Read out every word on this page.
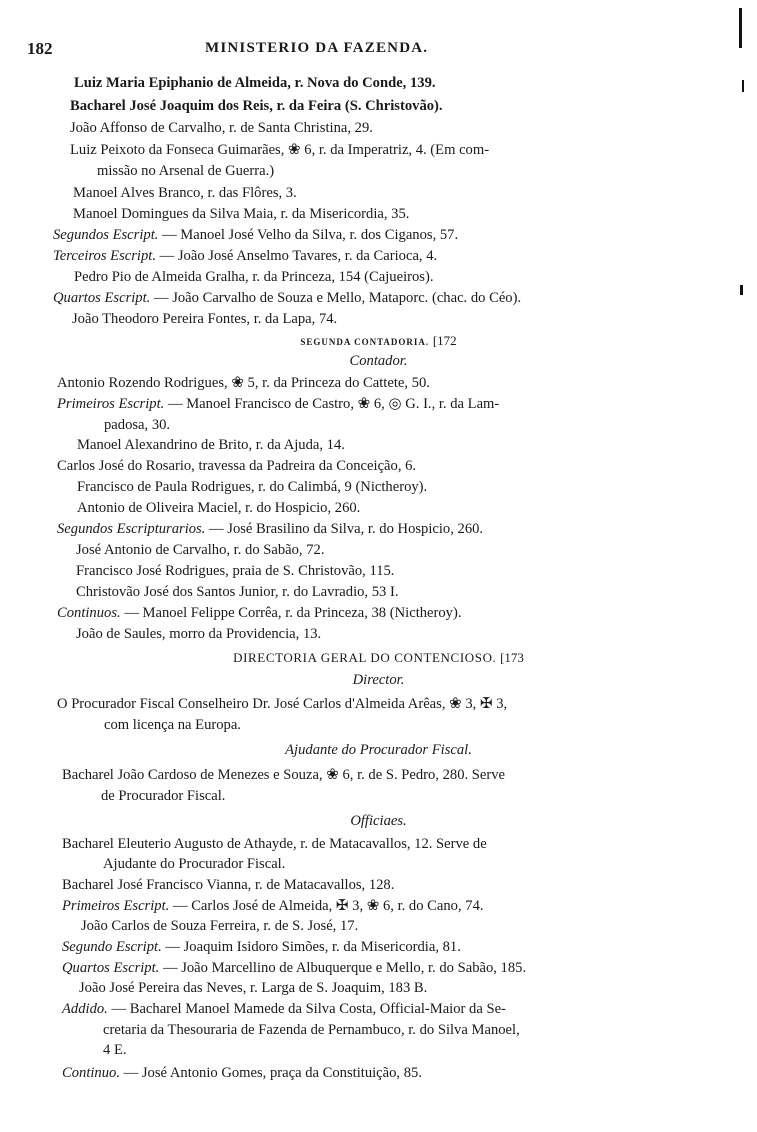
182	MINISTERIO DA FAZENDA.
Luiz Maria Epiphanio de Almeida, r. Nova do Conde, 139.
Bacharel José Joaquim dos Reis, r. da Feira (S. Christovão).
João Affonso de Carvalho, r. de Santa Christina, 29.
Luiz Peixoto da Fonseca Guimarães, ❀ 6, r. da Imperatriz, 4. (Em com-
missão no Arsenal de Guerra.)
Manoel Alves Branco, r. das Flôres, 3.
Manoel Domingues da Silva Maia, r. da Misericordia, 35.
Segundos Escript. — Manoel José Velho da Silva, r. dos Ciganos, 57.
Terceiros Escript. — João José Anselmo Tavares, r. da Carioca, 4.
Pedro Pio de Almeida Gralha, r. da Princeza, 154 (Cajueiros).
Quartos Escript. — João Carvalho de Souza e Mello, Mataporc. (chac. do Céo).
João Theodoro Pereira Fontes, r. da Lapa, 74.
SEGUNDA CONTADORIA. [172
Contador.
Antonio Rozendo Rodrigues, ❀ 5, r. da Princeza do Cattete, 50.
Primeiros Escript. — Manoel Francisco de Castro, ❀ 6, ◎ G. I., r. da Lam-
padosa, 30.
Manoel Alexandrino de Brito, r. da Ajuda, 14.
Carlos José do Rosario, travessa da Padreira da Conceição, 6.
Francisco de Paula Rodrigues, r. do Calimbá, 9 (Nictheroy).
Antonio de Oliveira Maciel, r. do Hospicio, 260.
Segundos Escripturarios. — José Brasilino da Silva, r. do Hospicio, 260.
José Antonio de Carvalho, r. do Sabão, 72.
Francisco José Rodrigues, praia de S. Christovão, 115.
Christovão José dos Santos Junior, r. do Lavradio, 53 I.
Continuos. — Manoel Felippe Corrêa, r. da Princeza, 38 (Nictheroy).
João de Saules, morro da Providencia, 13.
DIRECTORIA GERAL DO CONTENCIOSO. [173
Director.
O Procurador Fiscal Conselheiro Dr. José Carlos d'Almeida Arêas, ❀ 3, ✠ 3,
com licença na Europa.
Ajudante do Procurador Fiscal.
Bacharel João Cardoso de Menezes e Souza, ❀ 6, r. de S. Pedro, 280. Serve
de Procurador Fiscal.
Officiaes.
Bacharel Eleuterio Augusto de Athayde, r. de Matacavallos, 12. Serve de
Ajudante do Procurador Fiscal.
Bacharel José Francisco Vianna, r. de Matacavallos, 128.
Primeiros Escript. — Carlos José de Almeida, ✠ 3, ❀ 6, r. do Cano, 74.
João Carlos de Souza Ferreira, r. de S. José, 17.
Segundo Escript. — Joaquim Isidoro Simões, r. da Misericordia, 81.
Quartos Escript. — João Marcellino de Albuquerque e Mello, r. do Sabão, 185.
João José Pereira das Neves, r. Larga de S. Joaquim, 183 B.
Addido. — Bacharel Manoel Mamede da Silva Costa, Official-Maior da Se-
cretaria da Thesouraria de Fazenda de Pernambuco, r. do Silva Manoel,
4 E.
Continuo. — José Antonio Gomes, praça da Constituição, 85.
